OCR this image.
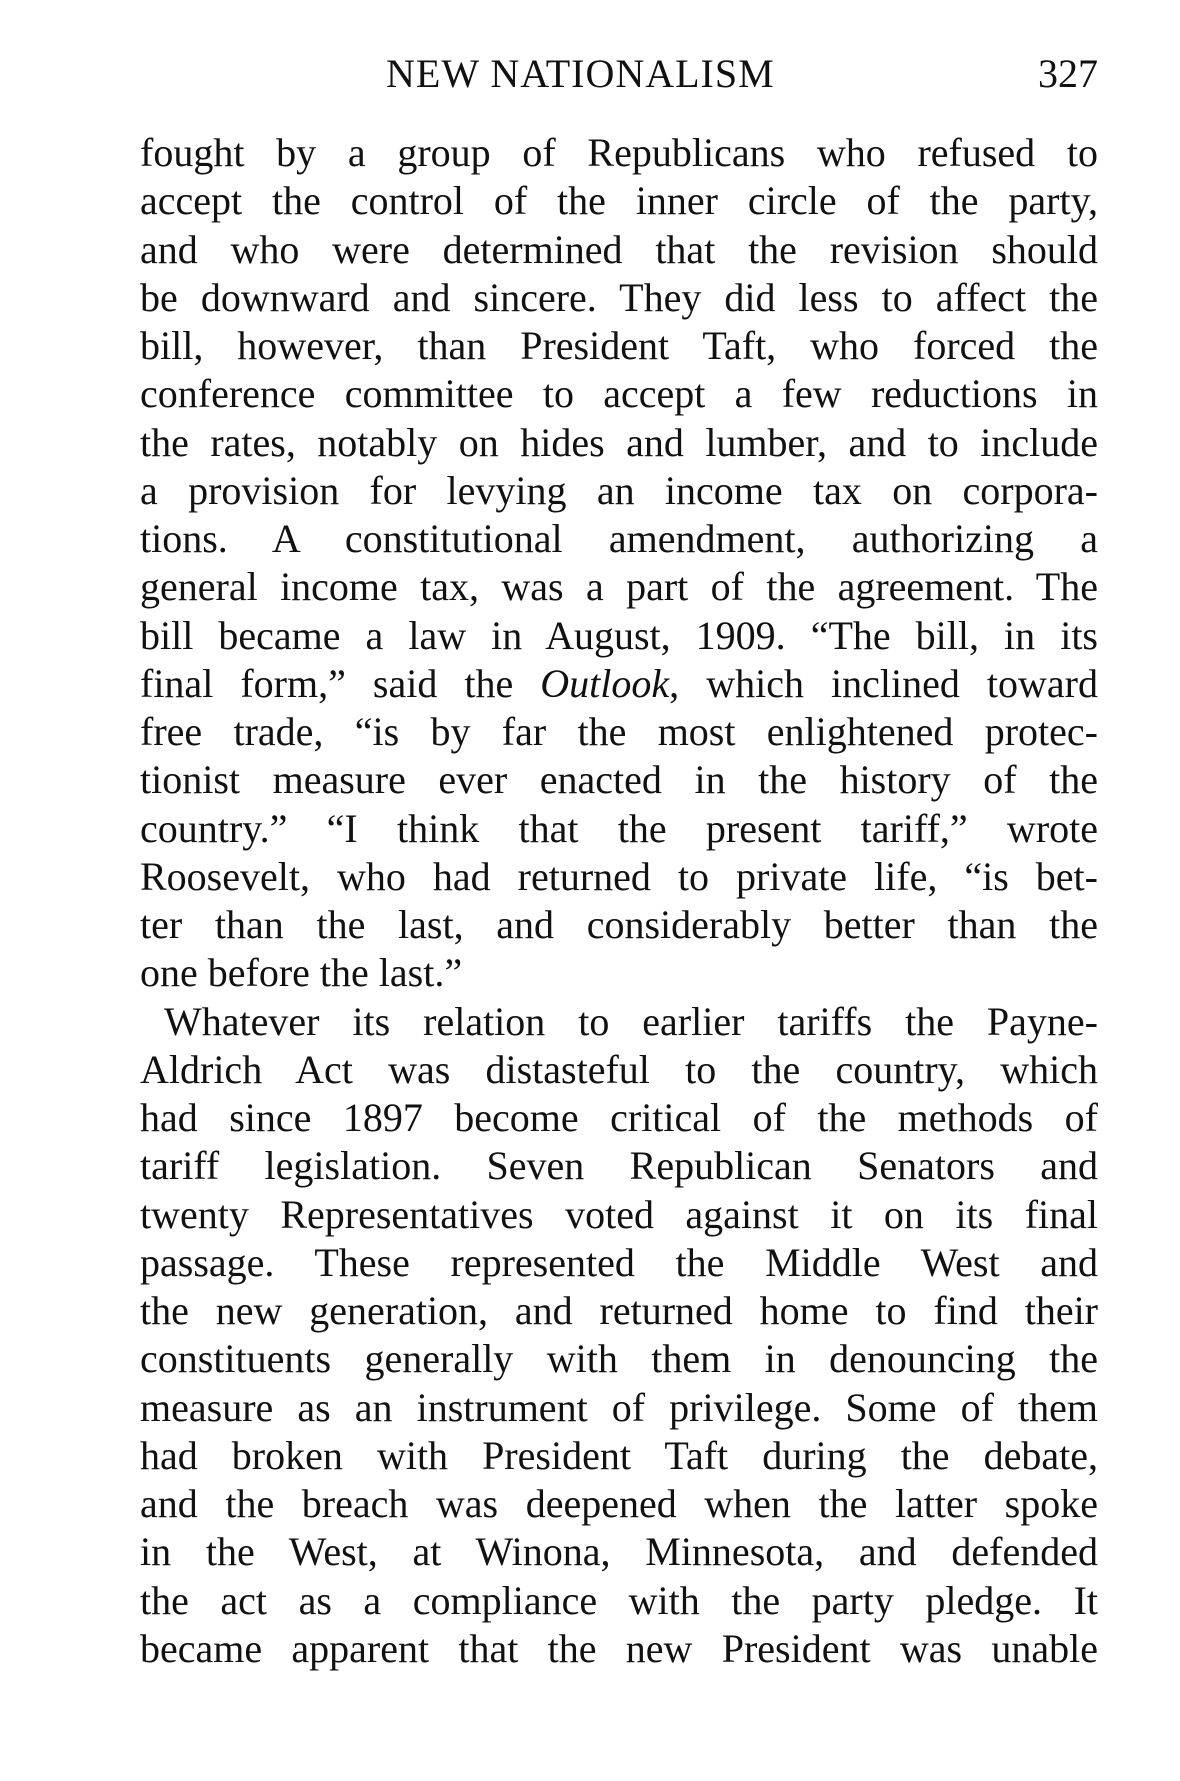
NEW NATIONALISM	327
fought by a group of Republicans who refused to
accept the control of the inner circle of the party,
and who were determined that the revision should
be downward and sincere. They did less to affect the
bill, however, than President Taft, who forced the
conference committee to accept a few reductions in
the rates, notably on hides and lumber, and to include
a provision for levying an income tax on corpora-
tions. A constitutional amendment, authorizing a
general income tax, was a part of the agreement. The
bill became a law in August, 1909. “The bill, in its
final form,” said the Outlook, which inclined toward
free trade, “is by far the most enlightened protec-
tionist measure ever enacted in the history of the
country.” “I think that the present tariff,” wrote
Roosevelt, who had returned to private life, “is bet-
ter than the last, and considerably better than the
one before the last.”
Whatever its relation to earlier tariffs the Payne-
Aldrich Act was distasteful to the country, which
had since 1897 become critical of the methods of
tariff legislation. Seven Republican Senators and
twenty Representatives voted against it on its final
passage. These represented the Middle West and
the new generation, and returned home to find their
constituents generally with them in denouncing the
measure as an instrument of privilege. Some of them
had broken with President Taft during the debate,
and the breach was deepened when the latter spoke
in the West, at Winona, Minnesota, and defended
the act as a compliance with the party pledge. It
became apparent that the new President was unable
